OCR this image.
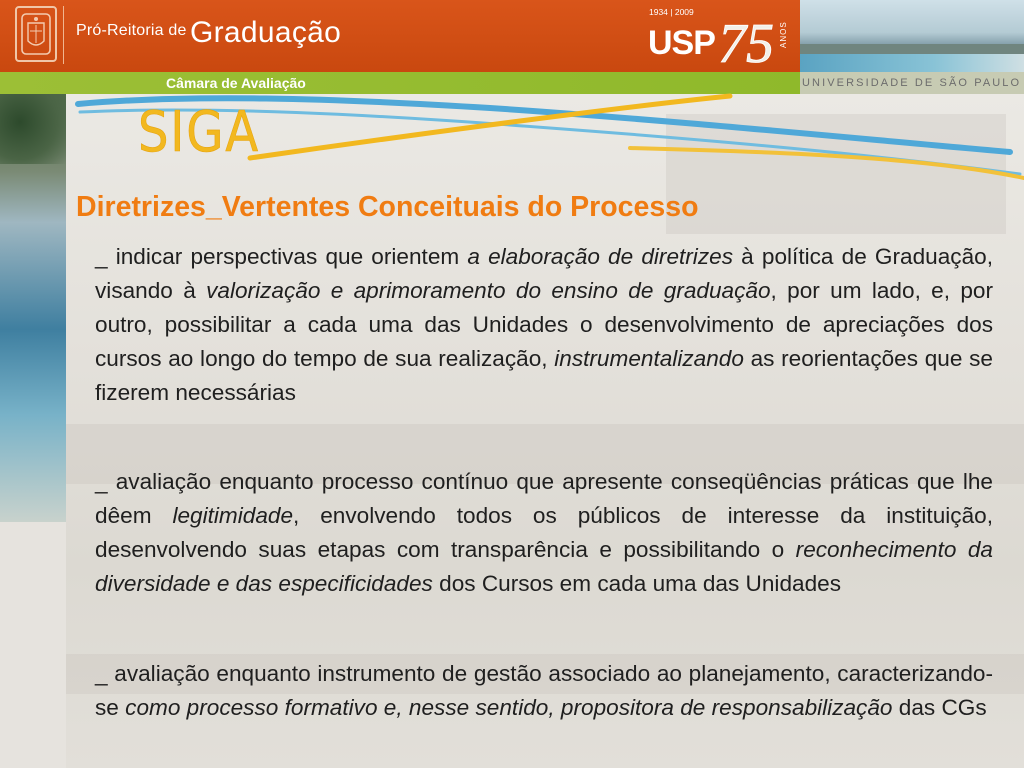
Pró-Reitoria de Graduação
1934 | 2009
USP 75 ANOS
Câmara de Avaliação	UNIVERSIDADE DE SÃO PAULO
SIGA
Diretrizes_Vertentes Conceituais do Processo
_ indicar perspectivas que orientem a elaboração de diretrizes à política de Graduação, visando à valorização e aprimoramento do ensino de graduação, por um lado, e, por outro, possibilitar a cada uma das Unidades o desenvolvimento de apreciações dos cursos ao longo do tempo de sua realização, instrumentalizando as reorientações que se fizerem necessárias
_ avaliação enquanto processo contínuo que apresente conseqüências práticas que lhe dêem legitimidade, envolvendo todos os públicos de interesse da instituição, desenvolvendo suas etapas com transparência e possibilitando o reconhecimento da diversidade e das especificidades dos Cursos em cada uma das Unidades
_ avaliação enquanto instrumento de gestão associado ao planejamento, caracterizando-se como processo formativo e, nesse sentido, propositora de responsabilização das CGs
